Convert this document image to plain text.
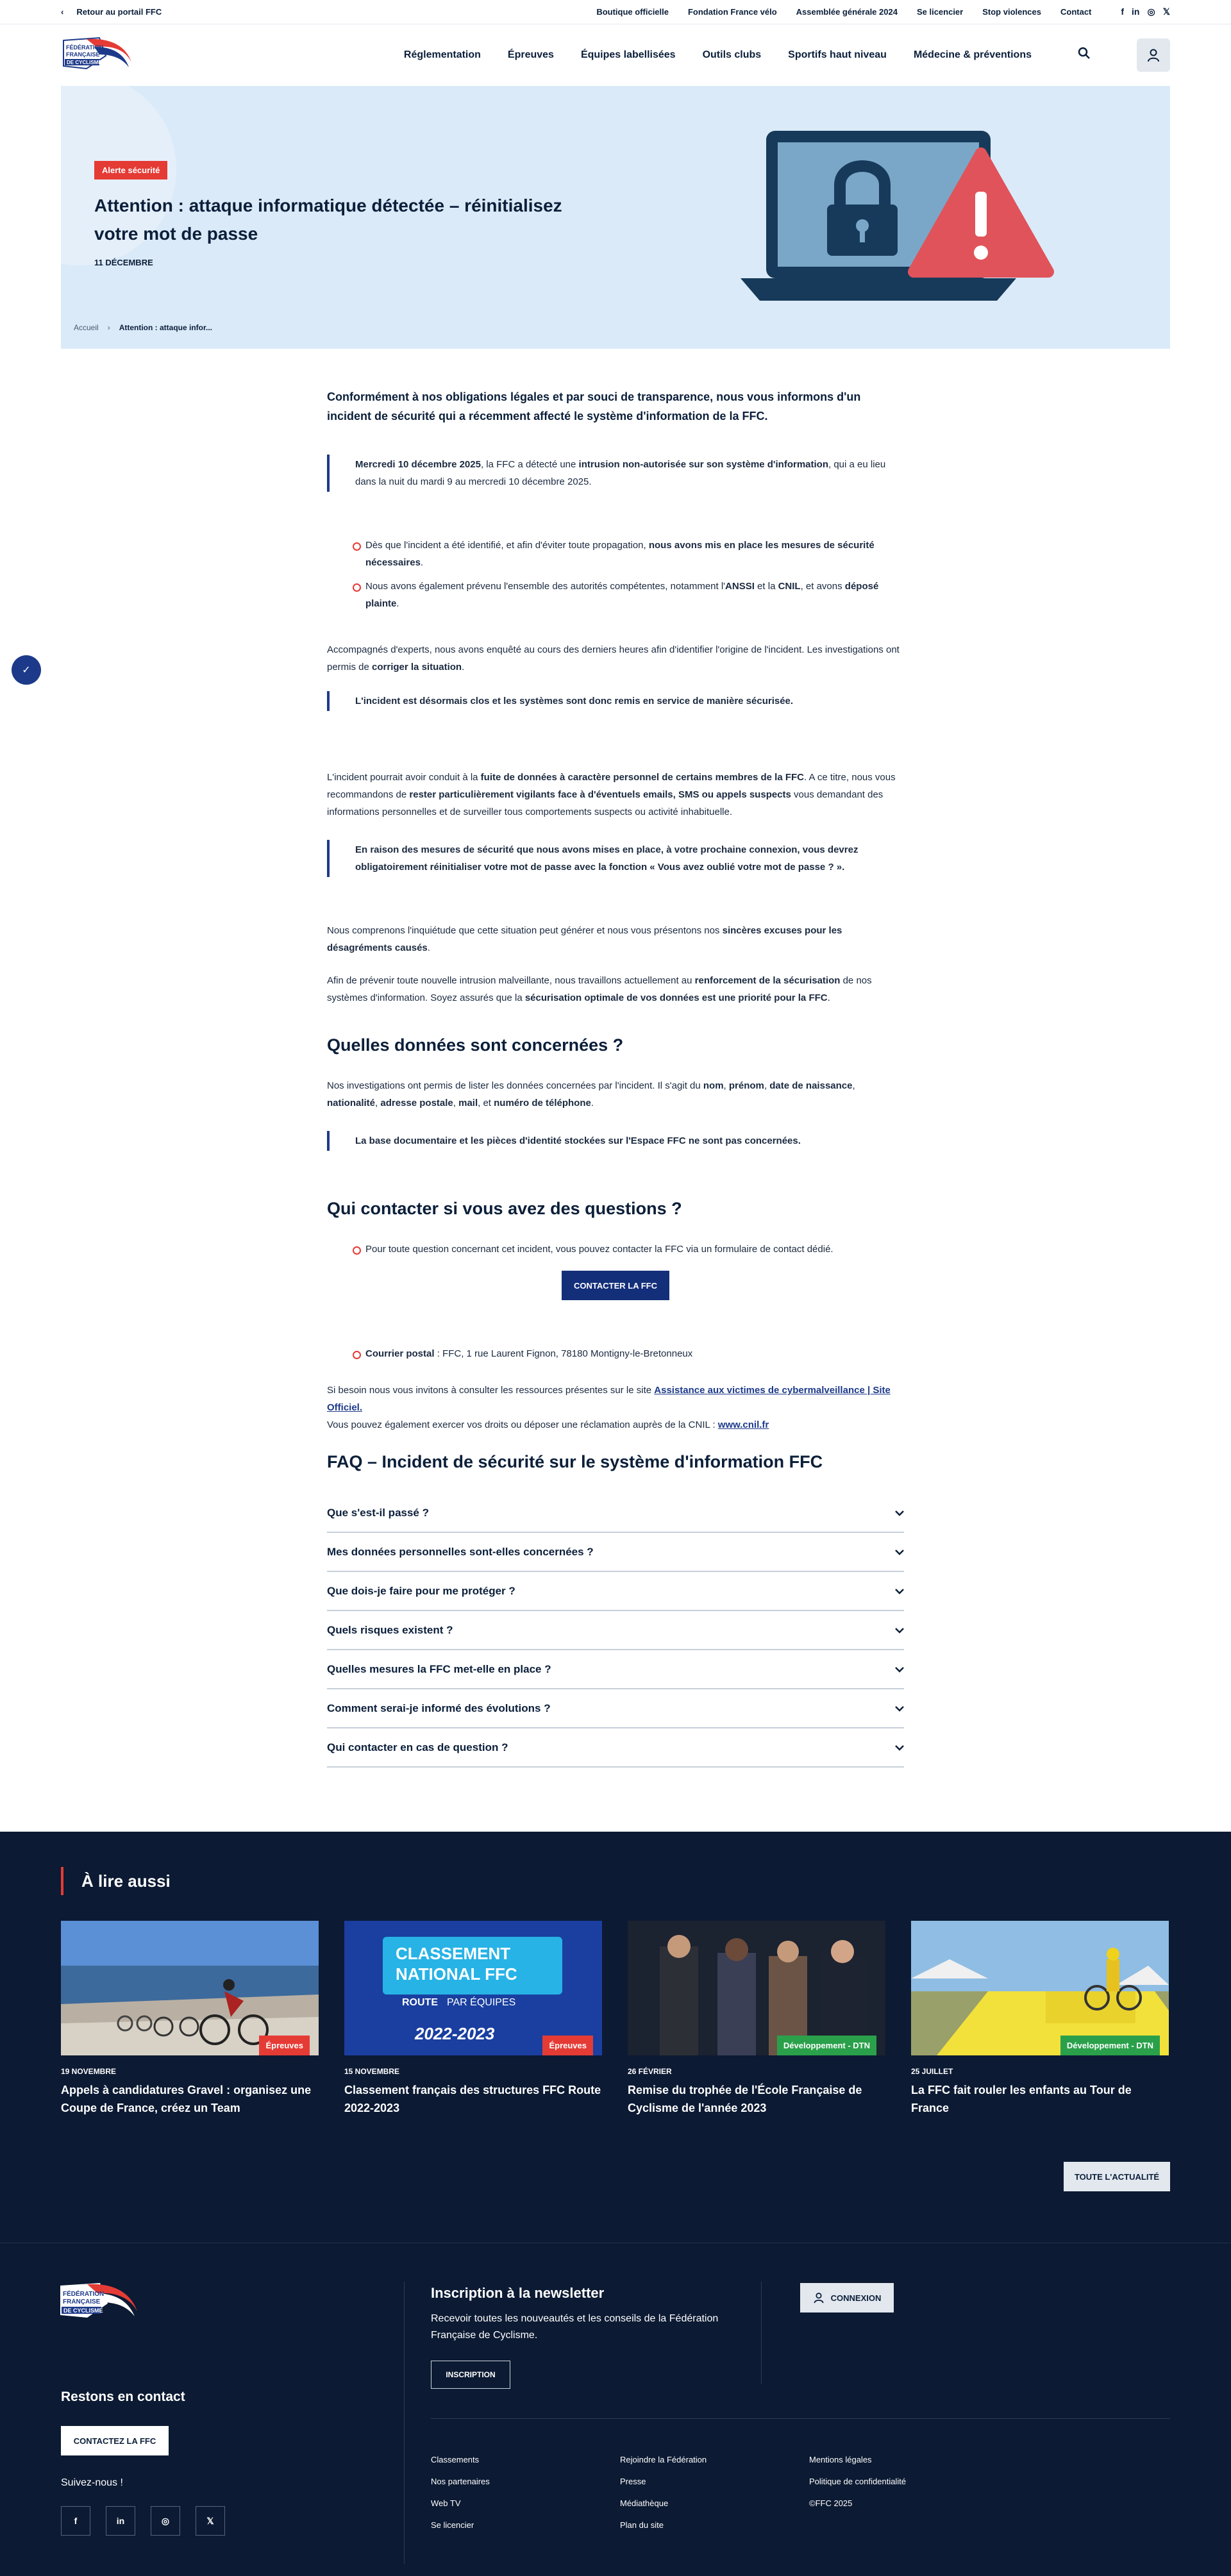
‹ Retour au portail FFC	Boutique officielle Fondation France vélo Assemblée générale 2024 Se licencier Stop violences Contact	f in ◎ 𝕏
FÉDÉRATION
FRANÇAISE
DE CYCLISME
Réglementation	Épreuves	Équipes labellisées	Outils clubs	Sportifs haut niveau	Médecine & préventions
Alerte sécurité
Attention : attaque informatique détectée – réinitialisez votre mot de passe
11 DÉCEMBRE
Accueil › Attention : attaque infor...
✓

Conformément à nos obligations légales et par souci de transparence, nous vous informons d'un incident de sécurité qui a récemment affecté le système d'information de la FFC.

Mercredi 10 décembre 2025, la FFC a détecté une intrusion non-autorisée sur son système d'information, qui a eu lieu dans la nuit du mardi 9 au mercredi 10 décembre 2025.
Dès que l'incident a été identifié, et afin d'éviter toute propagation, nous avons mis en place les mesures de sécurité nécessaires.
Nous avons également prévenu l'ensemble des autorités compétentes, notamment l'ANSSI et la CNIL, et avons déposé plainte.

Accompagnés d'experts, nous avons enquêté au cours des derniers heures afin d'identifier l'origine de l'incident. Les investigations ont permis de corriger la situation.

L'incident est désormais clos et les systèmes sont donc remis en service de manière sécurisée.

L'incident pourrait avoir conduit à la fuite de données à caractère personnel de certains membres de la FFC. A ce titre, nous vous recommandons de rester particulièrement vigilants face à d'éventuels emails, SMS ou appels suspects vous demandant des informations personnelles et de surveiller tous comportements suspects ou activité inhabituelle.

En raison des mesures de sécurité que nous avons mises en place, à votre prochaine connexion, vous devrez obligatoirement réinitialiser votre mot de passe avec la fonction « Vous avez oublié votre mot de passe ? ».

Nous comprenons l'inquiétude que cette situation peut générer et nous vous présentons nos sincères excuses pour les désagréments causés.

Afin de prévenir toute nouvelle intrusion malveillante, nous travaillons actuellement au renforcement de la sécurisation de nos systèmes d'information. Soyez assurés que la sécurisation optimale de vos données est une priorité pour la FFC.

Quelles données sont concernées ?

Nos investigations ont permis de lister les données concernées par l'incident. Il s'agit du nom, prénom, date de naissance, nationalité, adresse postale, mail, et numéro de téléphone.

La base documentaire et les pièces d'identité stockées sur l'Espace FFC ne sont pas concernées.
Qui contacter si vous avez des questions ?
Pour toute question concernant cet incident, vous pouvez contacter la FFC via un formulaire de contact dédié.
CONTACTER LA FFC
Courrier postal : FFC, 1 rue Laurent Fignon, 78180 Montigny-le-Bretonneux

Si besoin nous vous invitons à consulter les ressources présentes sur le site Assistance aux victimes de cybermalveillance | Site Officiel.
Vous pouvez également exercer vos droits ou déposer une réclamation auprès de la CNIL : www.cnil.fr

FAQ – Incident de sécurité sur le système d'information FFC
Que s'est-il passé ?
Mes données personnelles sont-elles concernées ?
Que dois-je faire pour me protéger ?
Quels risques existent ?
Quelles mesures la FFC met-elle en place ?
Comment serai-je informé des évolutions ?
Qui contacter en cas de question ?
À lire aussi
Épreuves
19 NOVEMBRE
Appels à candidatures Gravel : organisez une Coupe de France, créez un Team
CLASSEMENT
NATIONAL FFC
ROUTE PAR ÉQUIPES
2022-2023
Épreuves
15 NOVEMBRE
Classement français des structures FFC Route 2022-2023
Développement - DTN
26 FÉVRIER
Remise du trophée de l'École Française de Cyclisme de l'année 2023
Développement - DTN
25 JUILLET
La FFC fait rouler les enfants au Tour de France
TOUTE L'ACTUALITÉ
FÉDÉRATION
FRANÇAISE
DE CYCLISME
Restons en contact
CONTACTEZ LA FFC
Suivez-nous !
f	in	◎	𝕏
Inscription à la newsletter
Recevoir toutes les nouveautés et les conseils de la Fédération Française de Cyclisme.
INSCRIPTION
CONNEXION
Classements
Nos partenaires
Web TV
Se licencier
Rejoindre la Fédération
Presse
Médiathèque
Plan du site
Mentions légales
Politique de confidentialité
©FFC 2025
